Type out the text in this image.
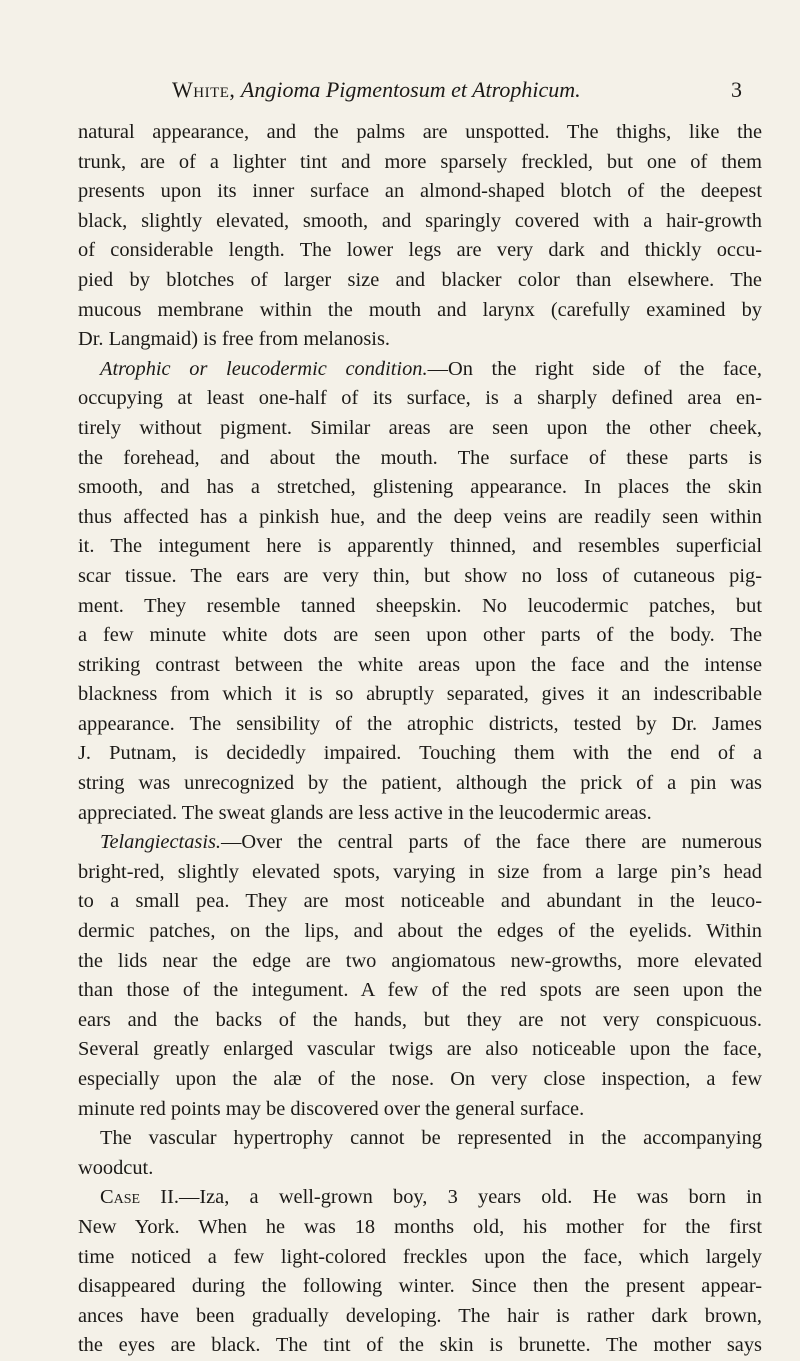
White, Angioma Pigmentosum et Atrophicum.	3
natural appearance, and the palms are unspotted. The thighs, like the
trunk, are of a lighter tint and more sparsely freckled, but one of them
presents upon its inner surface an almond-shaped blotch of the deepest
black, slightly elevated, smooth, and sparingly covered with a hair-growth
of considerable length. The lower legs are very dark and thickly occu-
pied by blotches of larger size and blacker color than elsewhere. The
mucous membrane within the mouth and larynx (carefully examined by
Dr. Langmaid) is free from melanosis.
Atrophic or leucodermic condition.—On the right side of the face,
occupying at least one-half of its surface, is a sharply defined area en-
tirely without pigment. Similar areas are seen upon the other cheek,
the forehead, and about the mouth. The surface of these parts is
smooth, and has a stretched, glistening appearance. In places the skin
thus affected has a pinkish hue, and the deep veins are readily seen within
it. The integument here is apparently thinned, and resembles superficial
scar tissue. The ears are very thin, but show no loss of cutaneous pig-
ment. They resemble tanned sheepskin. No leucodermic patches, but
a few minute white dots are seen upon other parts of the body. The
striking contrast between the white areas upon the face and the intense
blackness from which it is so abruptly separated, gives it an indescribable
appearance. The sensibility of the atrophic districts, tested by Dr. James
J. Putnam, is decidedly impaired. Touching them with the end of a
string was unrecognized by the patient, although the prick of a pin was
appreciated. The sweat glands are less active in the leucodermic areas.
Telangiectasis.—Over the central parts of the face there are numerous
bright-red, slightly elevated spots, varying in size from a large pin’s head
to a small pea. They are most noticeable and abundant in the leuco-
dermic patches, on the lips, and about the edges of the eyelids. Within
the lids near the edge are two angiomatous new-growths, more elevated
than those of the integument. A few of the red spots are seen upon the
ears and the backs of the hands, but they are not very conspicuous.
Several greatly enlarged vascular twigs are also noticeable upon the face,
especially upon the alæ of the nose. On very close inspection, a few
minute red points may be discovered over the general surface.
The vascular hypertrophy cannot be represented in the accompanying
woodcut.
Case II.—Iza, a well-grown boy, 3 years old. He was born in
New York. When he was 18 months old, his mother for the first
time noticed a few light-colored freckles upon the face, which largely
disappeared during the following winter. Since then the present appear-
ances have been gradually developing. The hair is rather dark brown,
the eyes are black. The tint of the skin is brunette. The mother says
